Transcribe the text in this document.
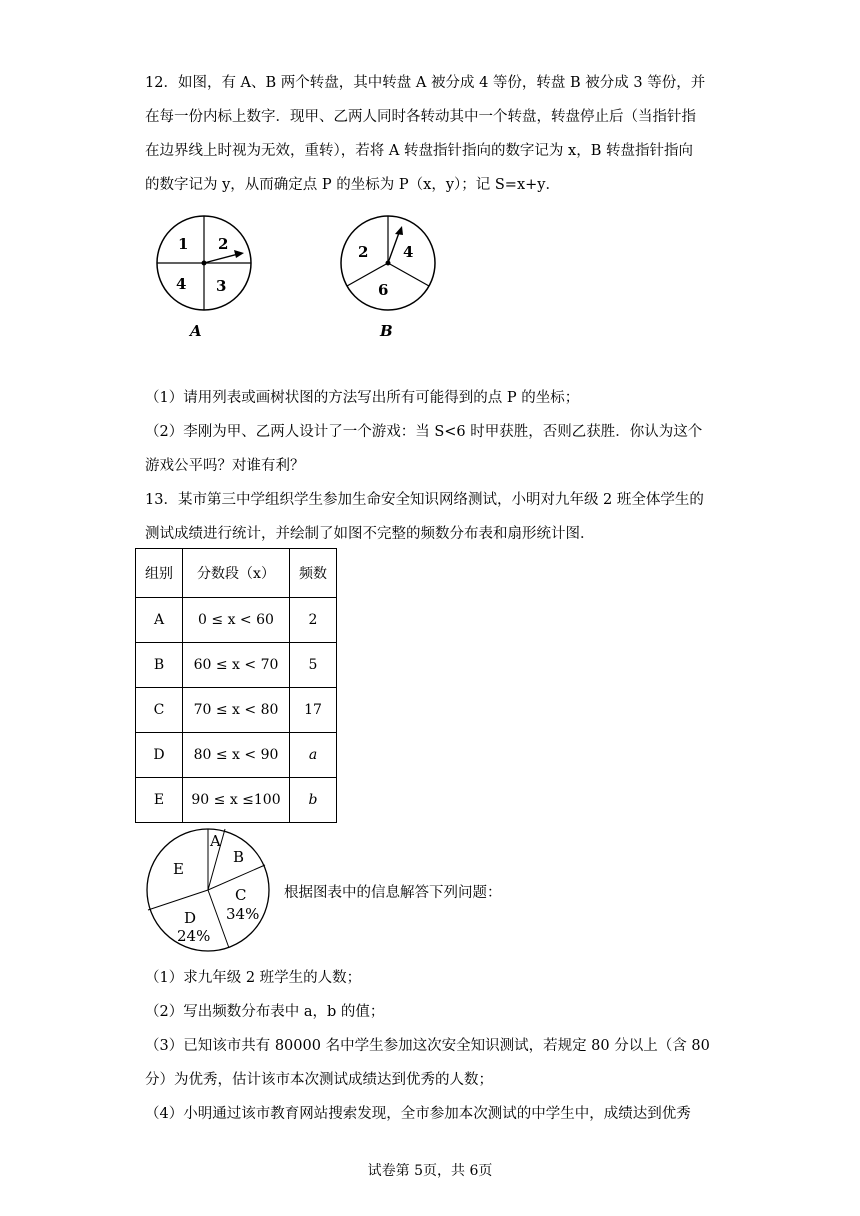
12．如图，有 A、B 两个转盘，其中转盘 A 被分成 4 等份，转盘 B 被分成 3 等份，并
在每一份内标上数字．现甲、乙两人同时各转动其中一个转盘，转盘停止后（当指针指
在边界线上时视为无效，重转），若将 A 转盘指针指向的数字记为 x，B 转盘指针指向
的数字记为 y，从而确定点 P 的坐标为 P（x，y）；记 S=x+y．
1 2
4 3
A
2 4
6
B
（1）请用列表或画树状图的方法写出所有可能得到的点 P 的坐标；
（2）李刚为甲、乙两人设计了一个游戏：当 S<6 时甲获胜，否则乙获胜．你认为这个
游戏公平吗？对谁有利？
13．某市第三中学组织学生参加生命安全知识网络测试，小明对九年级 2 班全体学生的
测试成绩进行统计，并绘制了如图不完整的频数分布表和扇形统计图．
组别	分数段（x）	频数
A	0 ≤ x < 60	2
B	60 ≤ x < 70	5
C	70 ≤ x < 80	17
D	80 ≤ x < 90	a
E	90 ≤ x ≤100	b
A
B
C
34%
D
24%
E
根据图表中的信息解答下列问题：
（1）求九年级 2 班学生的人数；
（2）写出频数分布表中 a，b 的值；
（3）已知该市共有 80000 名中学生参加这次安全知识测试，若规定 80 分以上（含 80
分）为优秀，估计该市本次测试成绩达到优秀的人数；
（4）小明通过该市教育网站搜索发现，全市参加本次测试的中学生中，成绩达到优秀
试卷第 5页，共 6页
